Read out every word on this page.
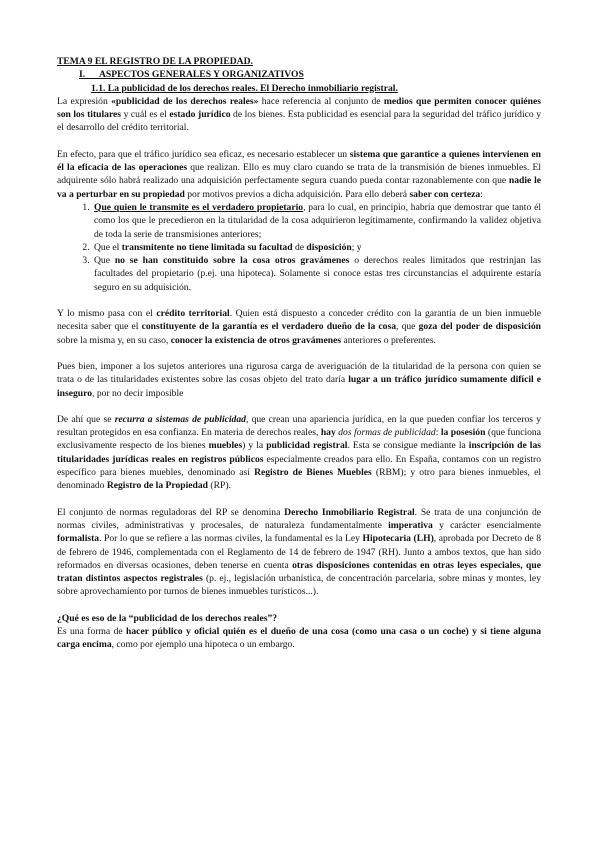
TEMA 9 EL REGISTRO DE LA PROPIEDAD.

I.      ASPECTOS GENERALES Y ORGANIZATIVOS

1.1. La publicidad de los derechos reales. El Derecho inmobiliario registral.

La expresión «publicidad de los derechos reales» hace referencia al conjunto de medios que permiten conocer quiénes son los titulares y cuál es el estado jurídico de los bienes. Esta publicidad es esencial para la seguridad del tráfico jurídico y el desarrollo del crédito territorial.

En efecto, para que el tráfico jurídico sea eficaz, es necesario establecer un sistema que garantice a quienes intervienen en él la eficacia de las operaciones que realizan. Ello es muy claro cuando se trata de la transmisión de bienes inmuebles. El adquirente sólo habrá realizado una adquisición perfectamente segura cuando pueda contar razonablemente con que nadie le va a perturbar en su propiedad por motivos previos a dicha adquisición. Para ello deberá saber con certeza:

1. Que quien le transmite es el verdadero propietario, para lo cual, en principio, habría que demostrar que tanto él como los que le precedieron en la titularidad de la cosa adquirieron legítimamente, confirmando la validez objetiva de toda la serie de transmisiones anteriores;
2. Que el transmitente no tiene limitada su facultad de disposición; y
3. Que no se han constituido sobre la cosa otros gravámenes o derechos reales limitados que restrinjan las facultades del propietario (p.ej. una hipoteca). Solamente si conoce estas tres circunstancias el adquirente estaría seguro en su adquisición.

Y lo mismo pasa con el crédito territorial. Quien está dispuesto a conceder crédito con la garantía de un bien inmueble necesita saber que el constituyente de la garantía es el verdadero dueño de la cosa, que goza del poder de disposición sobre la misma y, en su caso, conocer la existencia de otros gravámenes anteriores o preferentes.

Pues bien, imponer a los sujetos anteriores una rigurosa carga de averiguación de la titularidad de la persona con quien se trata o de las titularidades existentes sobre las cosas objeto del trato daría lugar a un tráfico jurídico sumamente difícil e inseguro, por no decir imposible

De ahí que se recurra a sistemas de publicidad, que crean una apariencia jurídica, en la que pueden confiar los terceros y resultan protegidos en esa confianza. En materia de derechos reales, hay dos formas de publicidad: la posesión (que funciona exclusivamente respecto de los bienes muebles) y la publicidad registral. Esta se consigue mediante la inscripción de las titularidades jurídicas reales en registros públicos especialmente creados para ello. En España, contamos con un registro específico para bienes muebles, denominado así Registro de Bienes Muebles (RBM); y otro para bienes inmuebles, el denominado Registro de la Propiedad (RP).

El conjunto de normas reguladoras del RP se denomina Derecho Inmobiliario Registral. Se trata de una conjunción de normas civiles, administrativas y procesales, de naturaleza fundamentalmente imperativa y carácter esencialmente formalista. Por lo que se refiere a las normas civiles, la fundamental es la Ley Hipotecaria (LH), aprobada por Decreto de 8 de febrero de 1946, complementada con el Reglamento de 14 de febrero de 1947 (RH). Junto a ambos textos, que han sido reformados en diversas ocasiones, deben tenerse en cuenta otras disposiciones contenidas en otras leyes especiales, que tratan distintos aspectos registrales (p. ej., legislación urbanística, de concentración parcelaria, sobre minas y montes, ley sobre aprovechamiento por turnos de bienes inmuebles turísticos...).

¿Qué es eso de la “publicidad de los derechos reales”?

Es una forma de hacer público y oficial quién es el dueño de una cosa (como una casa o un coche) y si tiene alguna carga encima, como por ejemplo una hipoteca o un embargo.
